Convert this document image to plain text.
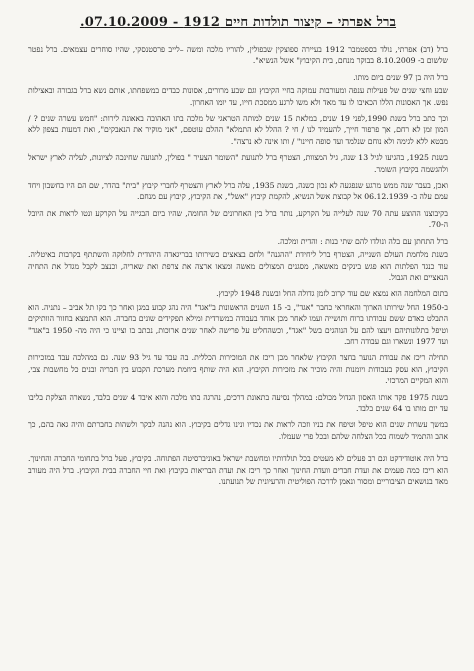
ברל אפרתי – קיצור תולדות חיים 1912 - 07.10.2009.

ברל (דב) אפרתי, נולד בספטמבר 1912 בעיירה ספוצקין שבפולין, להוריו מלכה ומשה –לייב פרסטנסקי, שהיו סוחרים עצמאים. ברל נפטר שלשום ב- 8.10.2009 בבוקר מנחם, בית הקיבוץ" אשל הנשיא".

ברל היה בן 97 שנים ביום מותו.

שבע וחצי שנים של פעילות ענפה ומעורבות עמוקה בחיי הקיבוץ וגם שבע מרורים, אסונות כבדים במשפחתו, אותם נשא ברל בגבורה ובאצילות נפש. אך האסונות הללו הכאיבו לו עד מאד ולא משו לרגע ממסכת חייו, עד יומו האחרון.

וכך כתב ברל בשנת 1990,לפני 19 שנים, במלאת 15 שנים למותה הטראגי של מלכה בתו האהובה באאונה לירות: "חמש עשרה שנים ? / המון זמן לא רחם, אך פרפור חייך, להעמיד לנו / חי ? ההלל לא התמלא" ההלם עוטפם, "אני מוקיר את הנאבקים", ואת דמעות בצפון ללא מבטא ללא לגימה ולא נוחם שנלמד ועד סופה חיינו" / ותו אינה לא נרצה".

בשנת 1925, בהגיעו לגיל 13 שנה, גיל המצוות, הצטרף ברל לתנועת "השומר הצעיר " בפולין, לתנועה שחינכה לציונות, לעליה לארץ ישראל ולהגשמה בקיבוץ השומר.

ואכן, בעבר שנה ממש מרגע שנפגעה לא נכון כשנה, בשנת 1935, עלה ברל לארץ והצטרף לחברי קיבוץ "בית" בהדר, שם הם היו בחשבון ויחד עמם עלה ב- 06.12.1939 אל קבוצת אשל הנשיא, להקמת קיבוץ "אשל", את הקיבוץ, קיבוץ עם מנחם.

בקיבוצנו ההוצע עתה 70 שנה לעלייה על הקרקע, נותר ברל בין האחרונים של החומה, שהיו ביום הבגייה על הקרקע ונטו לראות את היובל ה-70.

ברל התחתן עם בלה ונולדו להם שתי בנות : והדית ומלכה.

בשנת מלחמת העולם השנייה, הצטרף ברל ליחידת "ההגנה" ולחם בצאצים כשירותו בבריגאדה היהודית לחלוקה והשתתף בקרבות באיטליה. עוד כנגד הפלתות הוא פגש בינקים מאשאה, מסגנים המצולים מאשה ומצאו ארצה את צרפת ואת שאריה, וכנצב לקבל מגדל את התחיה הנאציים ואת הגבול.

בתום המלחמה הוא נמצא שם עוד קרוב לזמן גדולה החל ובשנת 1948 לקיבוץ.

ב-1950 החל שירותו הארוך והאחראי כחבר "אגד", ב- 15 השנים הראשונות ב"אגד" היה נהג קבוע במגן ואחר כך בקו תל אביב – נתניה. הוא התבלט כאדם ששם עבודתו ברוח ותושייה ועמו לאחר מכן אוחד בעבודה במשרדית ומילא תפקידים שונים בחברה. הוא התמצא בחזור הוותיקים וטיפל בתלונותיהם ויעצו להם על הנוהגים בשל "אגד", וכשהחליט על פרישה לאחר שנים ארוכות, נכתב בו וציינו כי היה מה- 1950 ב"אגד" ועד 1977 ונשארו וגם עבודה רחב.

תחילה ריכז את עבודת הנוער בחצר הקיבוץ שלאחר מכן ריכז את המוכירות הכללית. בה עבד עד גיל 93 שנה. גם במהלכה עבד במזכירות הקיבוץ, הוא עסק בעבודות ויומנות והיה מוכיר את מזכירות הקיבוץ. הוא היה שותף ביוזמת מערכת הקבוע בין חבריה ובנים כל מחשבות צבי, והוא המקיים המרכזי.

בשנת 1975 פקד אותו האסון הגדול מכולם: במהלך נסיעה בתאונת דרכים, נהרגה בתו מלכה והוא איבד 4 שנים בלבד, נשארה הצלקת בליבו עד יום מותו בו 64 שנים בלבד.

במשך עשרות שנים הוא טיפל וטיפח את בניו וזכה לראות את נכדיו ונינו גדלים בקיבוץ. הוא נהנה לבקר ולשהות בחברתם והיה גאה בהם, כך אהב והתמיד לשמוח בכל הצלחה שלהם ובכל פרי שעמלו.

ברל היה אוטודידקט וגם רב פעלים לא מעטים בכל תולדותיו ומחשבת ישראל באוניברסיטה הפתוחה. בקיבוץ, פעל ברל בתחומי החברה והחינוך. הוא ריכז כמה פעמים את ועדת חברים וועדת החינוך ואחר כך ריכז את ועדת הבריאות בקיבוץ ואת חיי החברה בבית הקיבוץ. ברל היה מעורב מאד בנושאים הציבוריים ומסור ונאמן לדרכה הפוליטית והרעיונית של תנועתנו.
